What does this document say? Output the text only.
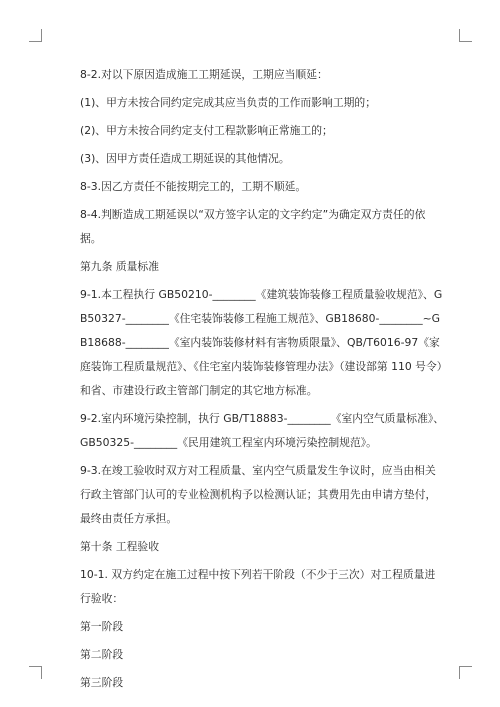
8-2.对以下原因造成施工工期延误，工期应当顺延：

(1)、甲方未按合同约定完成其应当负责的工作而影响工期的；

(2)、甲方未按合同约定支付工程款影响正常施工的；

(3)、因甲方责任造成工期延误的其他情况。

8-3.因乙方责任不能按期完工的，工期不顺延。

8-4.判断造成工期延误以“双方签字认定的文字约定”为确定双方责任的依据。

第九条 质量标准

9-1.本工程执行 GB50210-________《建筑装饰装修工程质量验收规范》、GB50327-________《住宅装饰装修工程施工规范》、GB18680-________~GB18688-________《室内装饰装修材料有害物质限量》、QB/T6016-97《家庭装饰工程质量规范》、《住宅室内装饰装修管理办法》（建设部第 110 号令）和省、市建设行政主管部门制定的其它地方标准。

9-2.室内环境污染控制，执行 GB/T18883-________《室内空气质量标准》、GB50325-________《民用建筑工程室内环境污染控制规范》。

9-3.在竣工验收时双方对工程质量、室内空气质量发生争议时，应当由相关行政主管部门认可的专业检测机构予以检测认证；其费用先由申请方垫付，最终由责任方承担。

第十条 工程验收

10-1. 双方约定在施工过程中按下列若干阶段（不少于三次）对工程质量进行验收：

第一阶段

第二阶段

第三阶段
